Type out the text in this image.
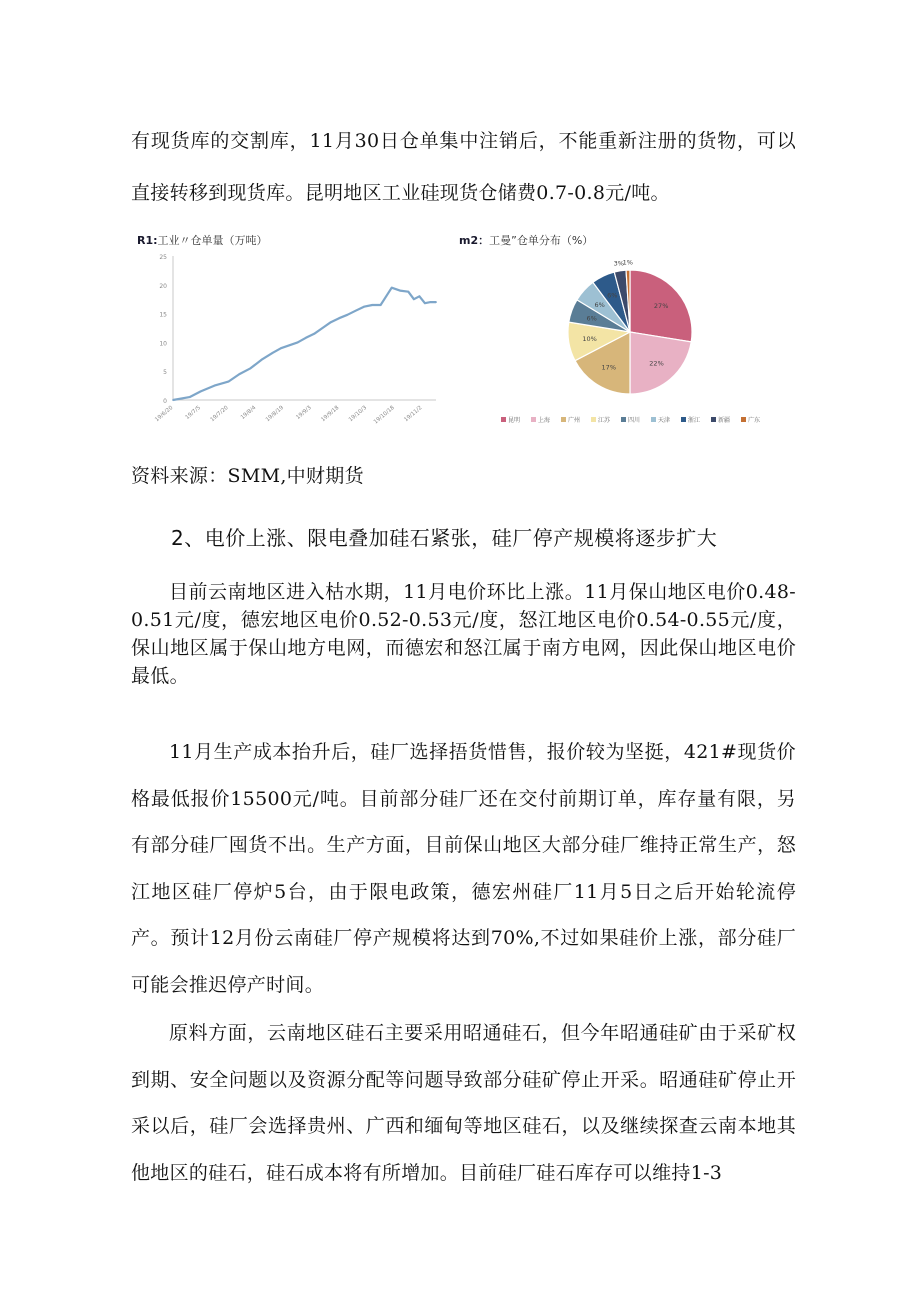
有现货库的交割库，11月30日仓单集中注销后，不能重新注册的货物，可以直接转移到现货库。昆明地区工业硅现货仓储费0.7-0.8元/吨。

R1:工业〃仓单量（万吨）
0
5
10
15
20
25
19/6/20 19/7/5 19/7/20 19/8/4 19/8/19 19/9/3 19/9/18 19/10/3 19/10/18 19/11/2
m2：工曼”仓单分布（%）
27%
22%
17%
10%
6%
6%
6%
3%
1%
昆明	上海	广州	江苏	四川	天津	浙江	新疆	广东

资料来源：SMM,中财期货

2、电价上涨、限电叠加硅石紧张，硅厂停产规模将逐步扩大

目前云南地区进入枯水期，11月电价环比上涨。11月保山地区电价0.48-0.51元/度，德宏地区电价0.52-0.53元/度，怒江地区电价0.54-0.55元/度，保山地区属于保山地方电网，而德宏和怒江属于南方电网，因此保山地区电价最低。

11月生产成本抬升后，硅厂选择捂货惜售，报价较为坚挺，421#现货价格最低报价15500元/吨。目前部分硅厂还在交付前期订单，库存量有限，另有部分硅厂囤货不出。生产方面，目前保山地区大部分硅厂维持正常生产，怒江地区硅厂停炉5台，由于限电政策，德宏州硅厂11月5日之后开始轮流停产。预计12月份云南硅厂停产规模将达到70%,不过如果硅价上涨，部分硅厂可能会推迟停产时间。

原料方面，云南地区硅石主要采用昭通硅石，但今年昭通硅矿由于采矿权到期、安全问题以及资源分配等问题导致部分硅矿停止开采。昭通硅矿停止开采以后，硅厂会选择贵州、广西和缅甸等地区硅石，以及继续探查云南本地其他地区的硅石，硅石成本将有所增加。目前硅厂硅石库存可以维持1-3
